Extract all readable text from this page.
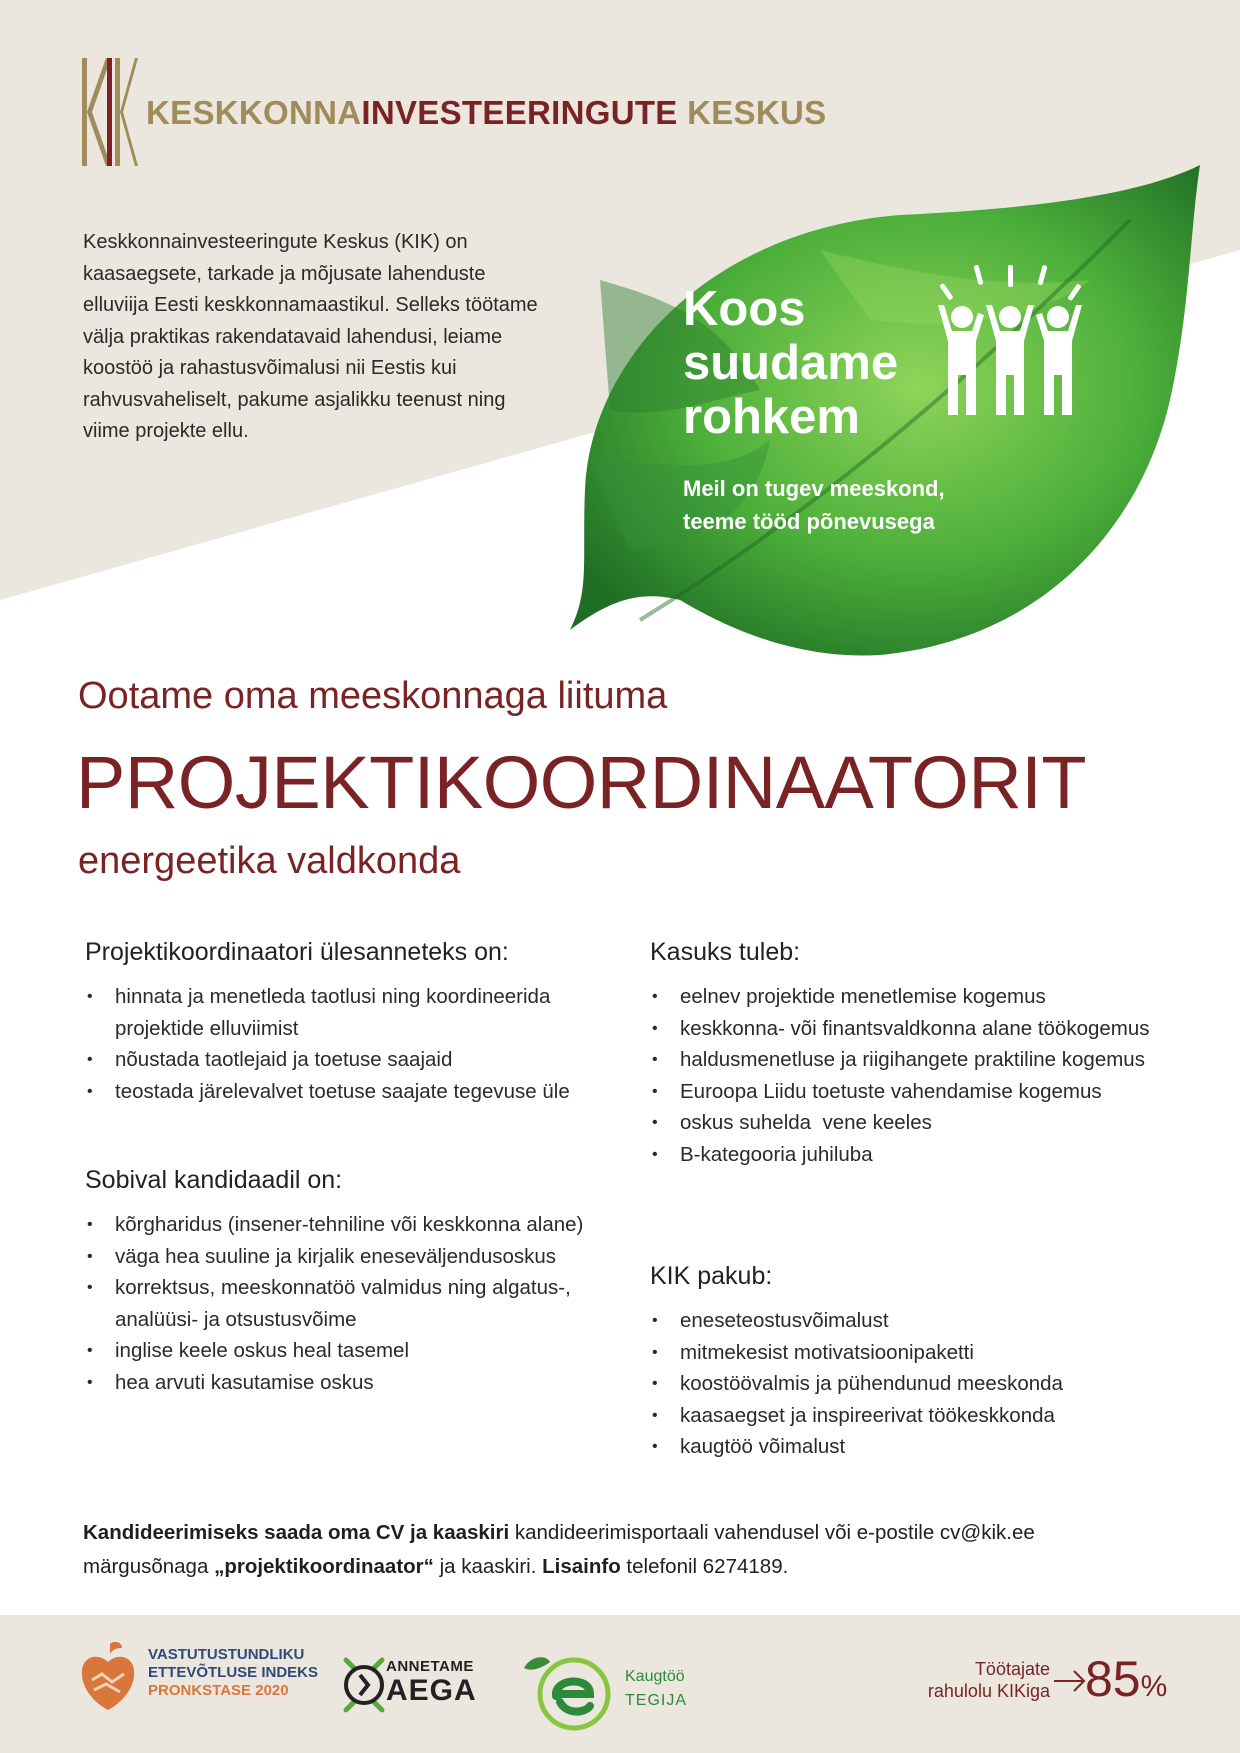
KESKKONNAINVESTEERINGUTE KESKUS
Keskkonnainvesteeringute Keskus (KIK) on kaasaegsete, tarkade ja mõjusate lahenduste elluviija Eesti keskkonnamaastikul. Selleks töötame välja praktikas rakendatavaid lahendusi, leiame koostöö ja rahastusvõimalusi nii Eestis kui rahvusvaheliselt, pakume asjalikku teenust ning viime projekte ellu.
Koos
suudame
rohkem
Meil on tugev meeskond,
teeme tööd põnevusega
Ootame oma meeskonnaga liituma
PROJEKTIKOORDINAATORIT
energeetika valdkonda
Projektikoordinaatori ülesanneteks on:
• hinnata ja menetleda taotlusi ning koordineerida projektide elluviimist
• nõustada taotlejaid ja toetuse saajaid
• teostada järelevalvet toetuse saajate tegevuse üle
Sobival kandidaadil on:
• kõrgharidus (insener-tehniline või keskkonna alane)
• väga hea suuline ja kirjalik eneseväljendusoskus
• korrektsus, meeskonnatöö valmidus ning algatus-, analüüsi- ja otsustusvõime
• inglise keele oskus heal tasemel
• hea arvuti kasutamise oskus
Kasuks tuleb:
• eelnev projektide menetlemise kogemus
• keskkonna- või finantsvaldkonna alane töökogemus
• haldusmenetluse ja riigihangete praktiline kogemus
• Euroopa Liidu toetuste vahendamise kogemus
• oskus suhelda  vene keeles
• B-kategooria juhiluba
KIK pakub:
• eneseteostusvõimalust
• mitmekesist motivatsioonipaketti
• koostöövalmis ja pühendunud meeskonda
• kaasaegset ja inspireerivat töökeskkonda
• kaugtöö võimalust
Kandideerimiseks saada oma CV ja kaaskiri kandideerimisportaali vahendusel või e-postile cv@kik.ee
märgusõnaga „projektikoordinaator“ ja kaaskiri. Lisainfo telefonil 6274189.
VASTUTUSTUNDLIKU
ETTEVÕTLUSE INDEKS
PRONKSTASE 2020
ANNETAME
AEGA	Kaugtöö
TEGIJA
Töötajate
rahulolu KIKiga 85%
